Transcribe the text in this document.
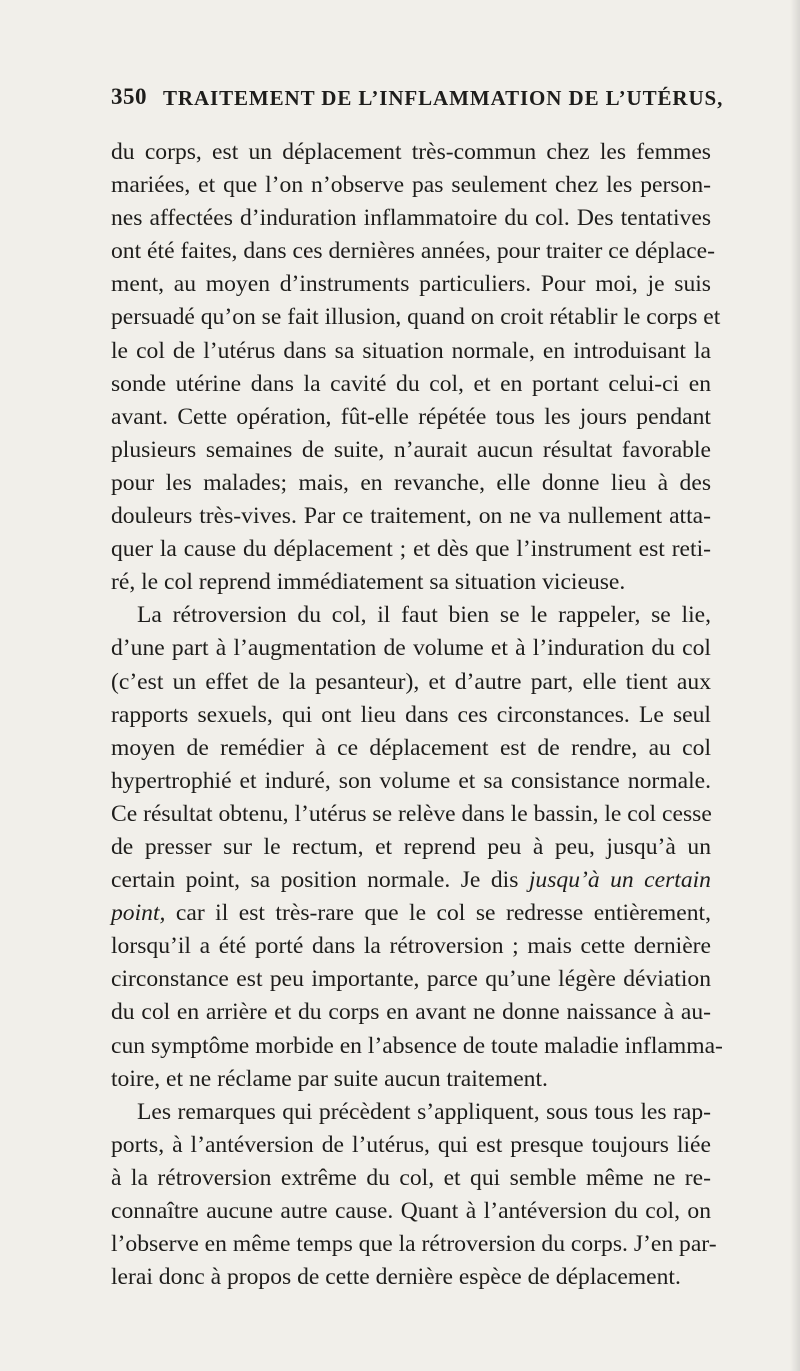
350 TRAITEMENT DE L’INFLAMMATION DE L’UTÉRUS,
du corps, est un déplacement très-commun chez les femmes
mariées, et que l’on n’observe pas seulement chez les person-
nes affectées d’induration inflammatoire du col. Des tentatives
ont été faites, dans ces dernières années, pour traiter ce déplace-
ment, au moyen d’instruments particuliers. Pour moi, je suis
persuadé qu’on se fait illusion, quand on croit rétablir le corps et
le col de l’utérus dans sa situation normale, en introduisant la
sonde utérine dans la cavité du col, et en portant celui-ci en
avant. Cette opération, fût-elle répétée tous les jours pendant
plusieurs semaines de suite, n’aurait aucun résultat favorable
pour les malades; mais, en revanche, elle donne lieu à des
douleurs très-vives. Par ce traitement, on ne va nullement atta-
quer la cause du déplacement ; et dès que l’instrument est reti-
ré, le col reprend immédiatement sa situation vicieuse.
La rétroversion du col, il faut bien se le rappeler, se lie,
d’une part à l’augmentation de volume et à l’induration du col
(c’est un effet de la pesanteur), et d’autre part, elle tient aux
rapports sexuels, qui ont lieu dans ces circonstances. Le seul
moyen de remédier à ce déplacement est de rendre, au col
hypertrophié et induré, son volume et sa consistance normale.
Ce résultat obtenu, l’utérus se relève dans le bassin, le col cesse
de presser sur le rectum, et reprend peu à peu, jusqu’à un
certain point, sa position normale. Je dis jusqu’à un certain
point, car il est très-rare que le col se redresse entièrement,
lorsqu’il a été porté dans la rétroversion ; mais cette dernière
circonstance est peu importante, parce qu’une légère déviation
du col en arrière et du corps en avant ne donne naissance à au-
cun symptôme morbide en l’absence de toute maladie inflamma-
toire, et ne réclame par suite aucun traitement.
Les remarques qui précèdent s’appliquent, sous tous les rap-
ports, à l’antéversion de l’utérus, qui est presque toujours liée
à la rétroversion extrême du col, et qui semble même ne re-
connaître aucune autre cause. Quant à l’antéversion du col, on
l’observe en même temps que la rétroversion du corps. J’en par-
lerai donc à propos de cette dernière espèce de déplacement.
